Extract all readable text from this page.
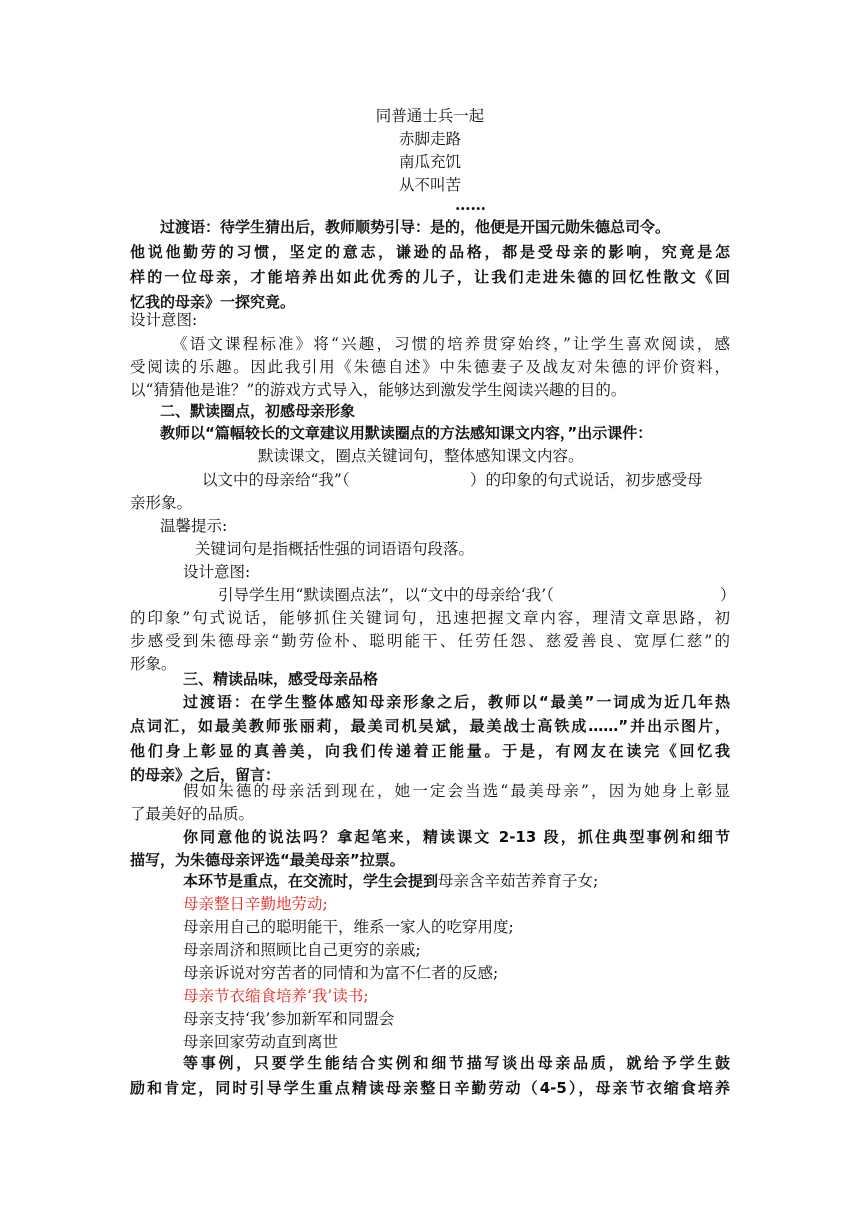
同普通士兵一起
赤脚走路
南瓜充饥
从不叫苦
……
过渡语：待学生猜出后，教师顺势引导：是的，他便是开国元勋朱德总司令。
他说他勤劳的习惯，坚定的意志，谦逊的品格，都是受母亲的影响，究竟是怎
样的一位母亲，才能培养出如此优秀的儿子，让我们走进朱德的回忆性散文《回
忆我的母亲》一探究竟。
设计意图:
《语文课程标准》将“兴趣，习惯的培养贯穿始终，”让学生喜欢阅读，感
受阅读的乐趣。因此我引用《朱德自述》中朱德妻子及战友对朱德的评价资料，
以“猜猜他是谁？”的游戏方式导入，能够达到激发学生阅读兴趣的目的。
二、默读圈点，初感母亲形象
教师以“篇幅较长的文章建议用默读圈点的方法感知课文内容，”出示课件：
默读课文，圈点关键词句，整体感知课文内容。
以文中的母亲给“我”（	）的印象的句式说话，初步感受母
亲形象。
温馨提示:
关键词句是指概括性强的词语语句段落。
设计意图:
引导学生用“默读圈点法”，以“文中的母亲给‘我’（	）
的印象”句式说话，能够抓住关键词句，迅速把握文章内容，理清文章思路，初
步感受到朱德母亲“勤劳俭朴、聪明能干、任劳任怨、慈爱善良、宽厚仁慈”的
形象。
三、精读品味，感受母亲品格
过渡语：在学生整体感知母亲形象之后，教师以“最美”一词成为近几年热
点词汇，如最美教师张丽莉，最美司机吴斌，最美战士高铁成……”并出示图片，
他们身上彰显的真善美，向我们传递着正能量。于是，有网友在读完《回忆我
的母亲》之后，留言：
假如朱德的母亲活到现在，她一定会当选“最美母亲”，因为她身上彰显
了最美好的品质。
你同意他的说法吗？拿起笔来，精读课文 2-13 段，抓住典型事例和细节
描写，为朱德母亲评选“最美母亲”拉票。
本环节是重点，在交流时，学生会提到母亲含辛茹苦养育子女;
母亲整日辛勤地劳动;
母亲用自己的聪明能干，维系一家人的吃穿用度;
母亲周济和照顾比自己更穷的亲戚;
母亲诉说对穷苦者的同情和为富不仁者的反感;
母亲节衣缩食培养‘我’读书;
母亲支持‘我’参加新军和同盟会
母亲回家劳动直到离世
等事例，只要学生能结合实例和细节描写谈出母亲品质，就给予学生鼓
励和肯定，同时引导学生重点精读母亲整日辛勤劳动（4-5），母亲节衣缩食培养
